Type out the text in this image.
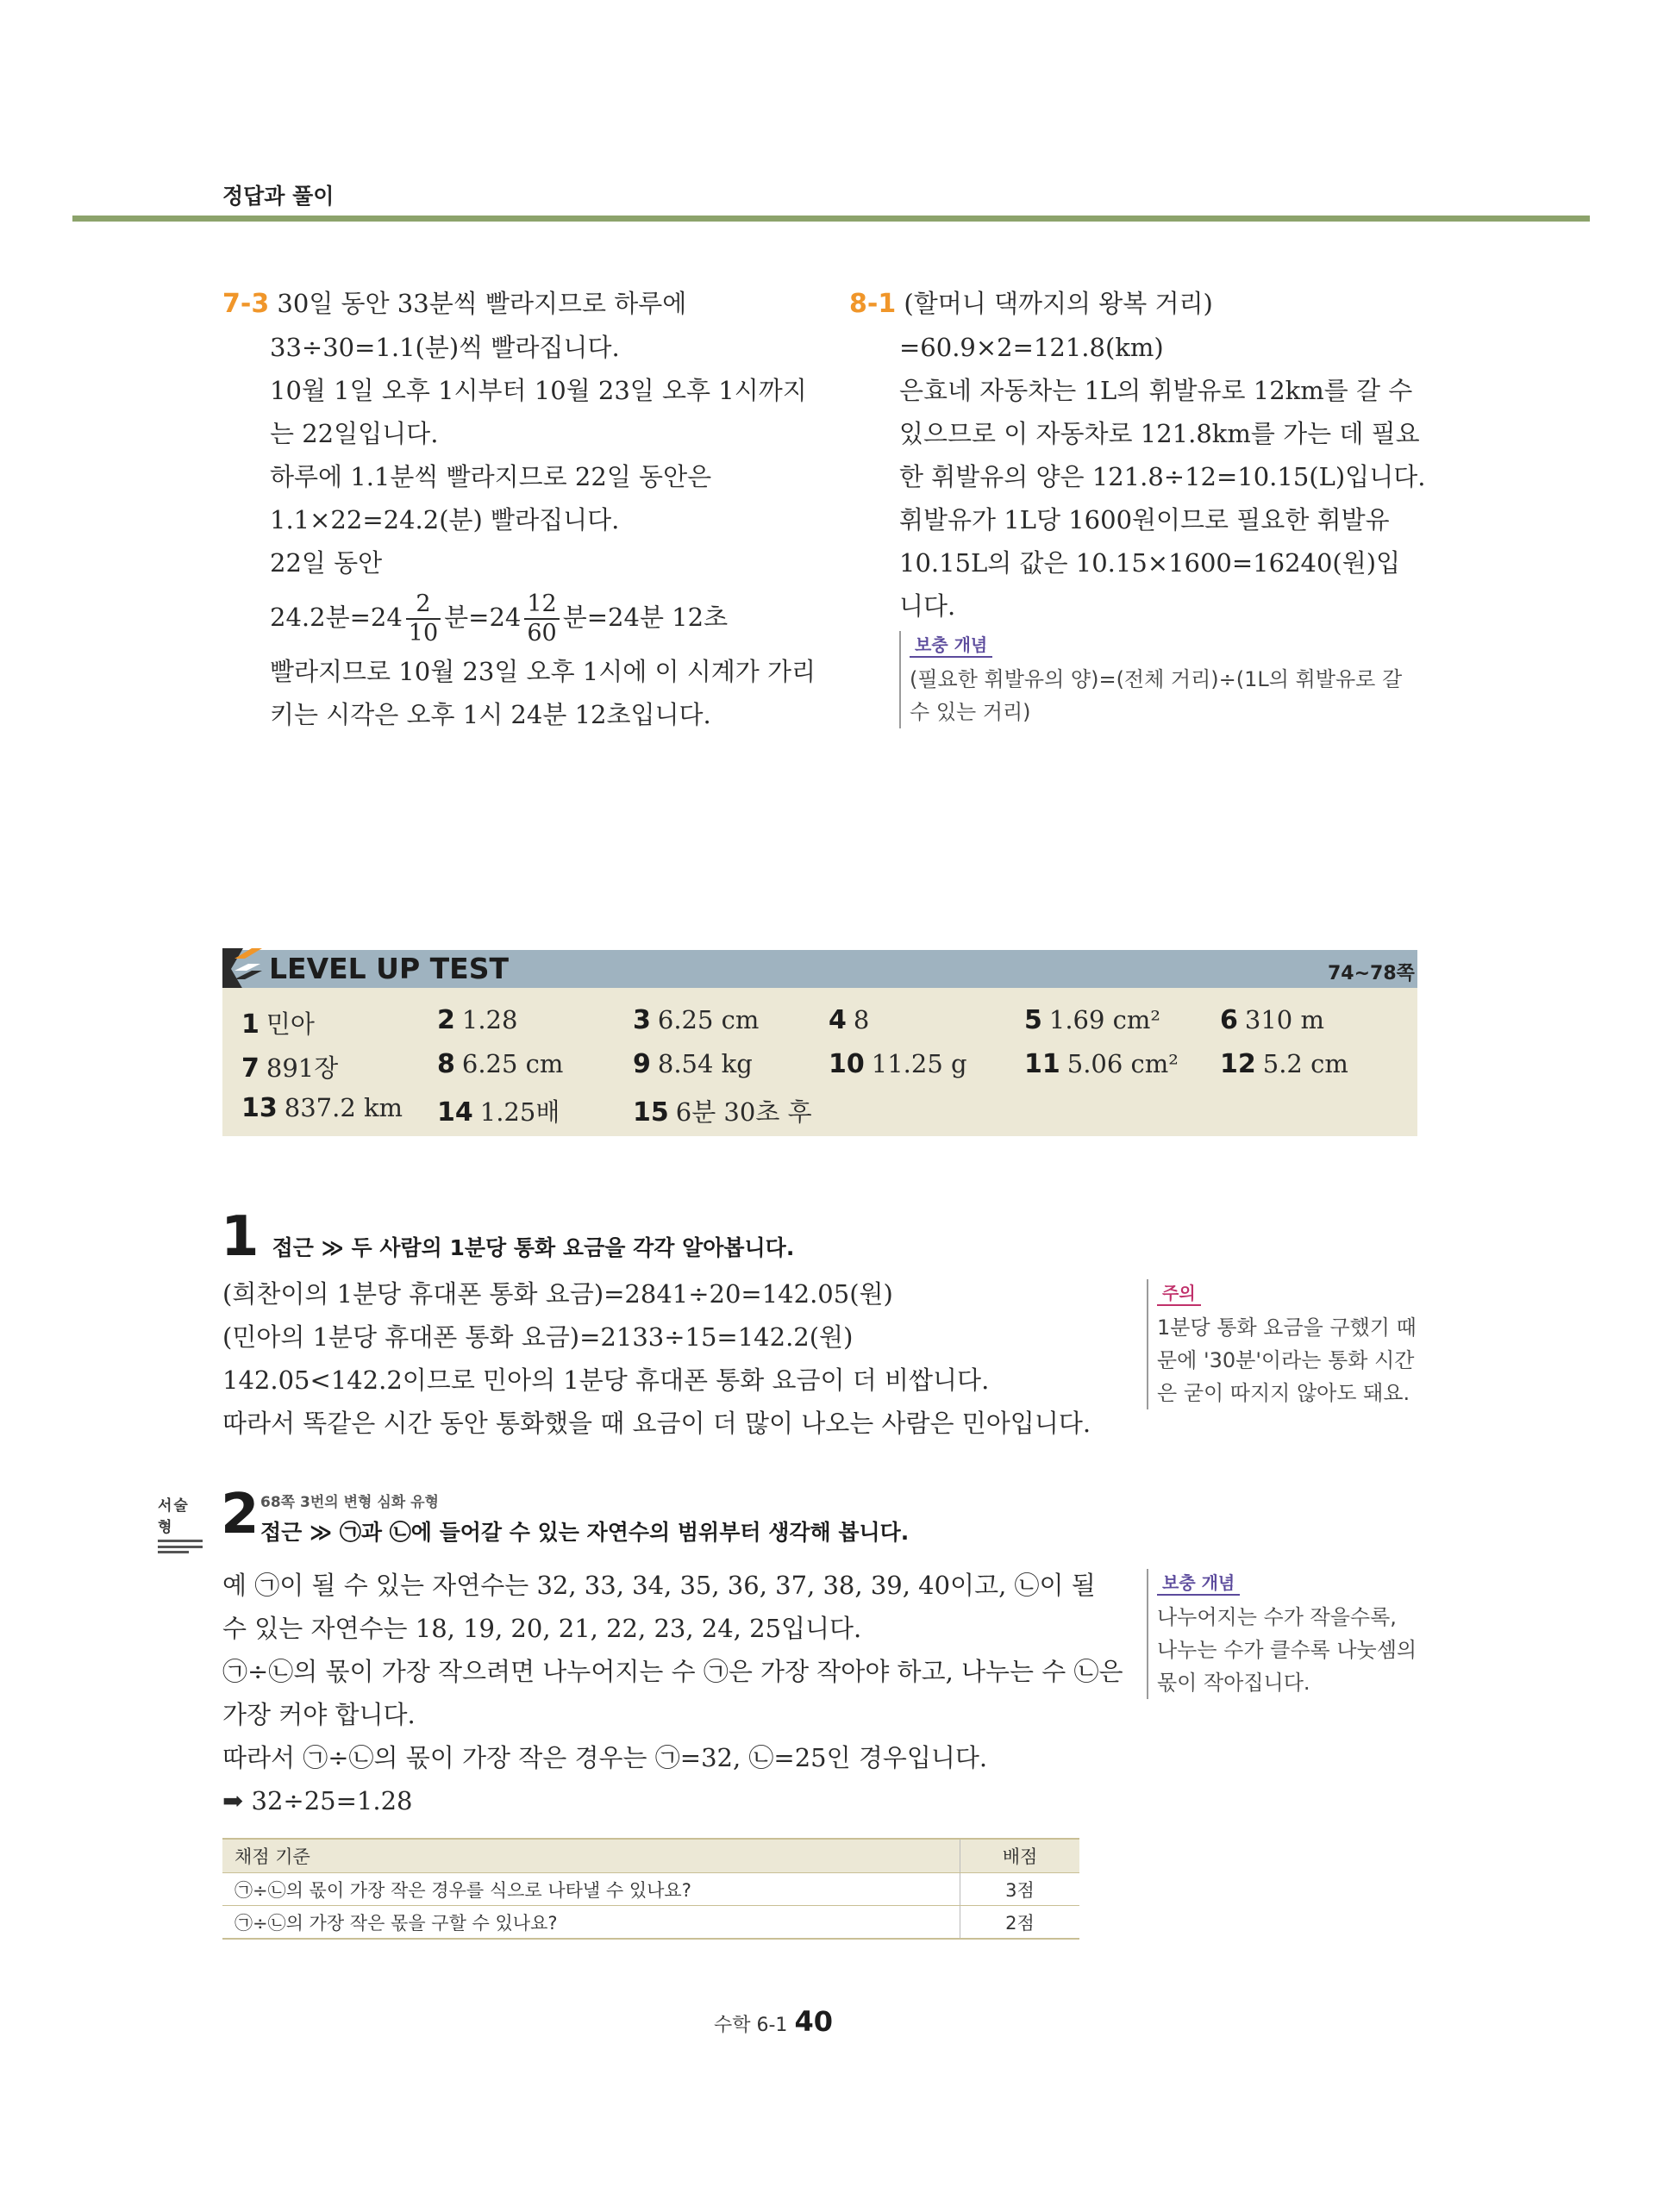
정답과 풀이
7-3 30일 동안 33분씩 빨라지므로 하루에
33÷30=1.1(분)씩 빨라집니다.
10월 1일 오후 1시부터 10월 23일 오후 1시까지
는 22일입니다.
하루에 1.1분씩 빨라지므로 22일 동안은
1.1×22=24.2(분) 빨라집니다.
22일 동안
24.2분$=24 \frac{2}{10}$ 분$=24 \frac{12}{60}$ 분=24분 12초
빨라지므로 10월 23일 오후 1시에 이 시계가 가리
키는 시각은 오후 1시 24분 12초입니다.
8-1 (할머니 댁까지의 왕복 거리)
=60.9×2=121.8(km)
은효네 자동차는 1L의 휘발유로 12km를 갈 수
있으므로 이 자동차로 121.8km를 가는 데 필요
한 휘발유의 양은 121.8÷12=10.15(L)입니다.
휘발유가 1L당 1600원이므로 필요한 휘발유
10.15L의 값은 10.15×1600=16240(원)입
니다.
보충 개념
(필요한 휘발유의 양)=(전체 거리)÷(1L의 휘발유로 갈
수 있는 거리)
LEVEL UP TEST	74~78쪽
1 민아	2 1.28	3 6.25 cm	4 8	5 1.69 cm² 6 310 m
7 891장	8 6.25 cm	9 8.54 kg	10 11.25 g 11 5.06 cm² 12 5.2 cm
13 837.2 km 14 1.25배	15 6분 30초 후
1 접근 ≫ 두 사람의 1분당 통화 요금을 각각 알아봅니다.
(희찬이의 1분당 휴대폰 통화 요금)=2841÷20=142.05(원)
(민아의 1분당 휴대폰 통화 요금)=2133÷15=142.2(원)
142.05<142.2이므로 민아의 1분당 휴대폰 통화 요금이 더 비쌉니다.
따라서 똑같은 시간 동안 통화했을 때 요금이 더 많이 나오는 사람은 민아입니다.
주의
1분당 통화 요금을 구했기 때
문에 '30분'이라는 통화 시간
은 굳이 따지지 않아도 돼요.
서술형 2 68쪽 3번의 변형 심화 유형
접근 ≫ ㉠과 ㉡에 들어갈 수 있는 자연수의 범위부터 생각해 봅니다.
예 ㉠이 될 수 있는 자연수는 32, 33, 34, 35, 36, 37, 38, 39, 40이고, ㉡이 될
수 있는 자연수는 18, 19, 20, 21, 22, 23, 24, 25입니다.
㉠÷㉡의 몫이 가장 작으려면 나누어지는 수 ㉠은 가장 작아야 하고, 나누는 수 ㉡은
가장 커야 합니다.
따라서 ㉠÷㉡의 몫이 가장 작은 경우는 ㉠=32, ㉡=25인 경우입니다.
➡ 32÷25=1.28
보충 개념
나누어지는 수가 작을수록,
나누는 수가 클수록 나눗셈의
몫이 작아집니다.
채점 기준	배점
㉠÷㉡의 몫이 가장 작은 경우를 식으로 나타낼 수 있나요?	3점
㉠÷㉡의 가장 작은 몫을 구할 수 있나요?	2점
수학 6-1 40
